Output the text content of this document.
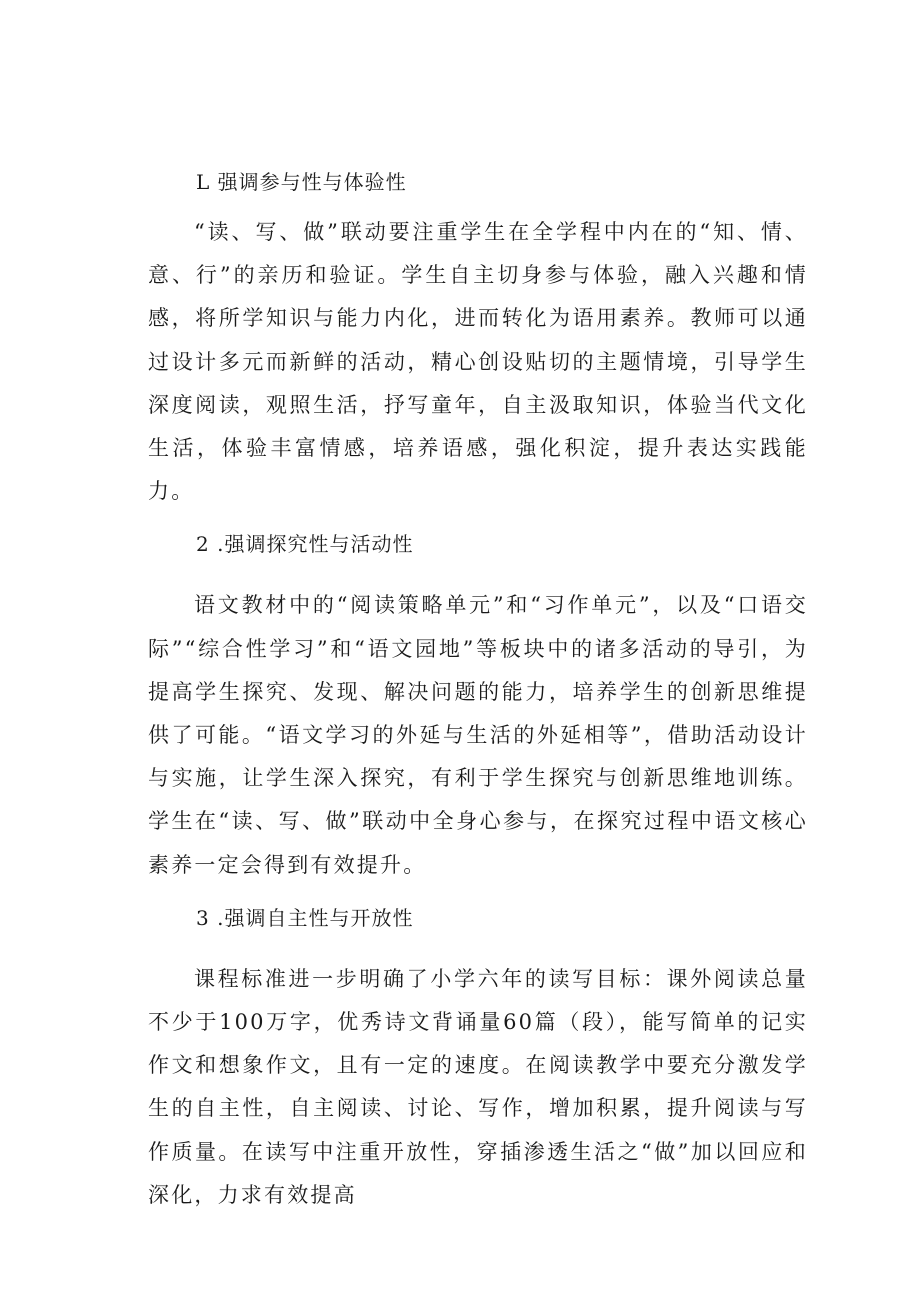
L 强调参与性与体验性

“读、写、做”联动要注重学生在全学程中内在的“知、情、意、行”的亲历和验证。学生自主切身参与体验，融入兴趣和情感，将所学知识与能力内化，进而转化为语用素养。教师可以通过设计多元而新鲜的活动，精心创设贴切的主题情境，引导学生深度阅读，观照生活，抒写童年，自主汲取知识，体验当代文化生活，体验丰富情感，培养语感，强化积淀，提升表达实践能力。

2 .强调探究性与活动性

语文教材中的“阅读策略单元”和“习作单元”，以及“口语交际”“综合性学习”和“语文园地”等板块中的诸多活动的导引，为提高学生探究、发现、解决问题的能力，培养学生的创新思维提供了可能。“语文学习的外延与生活的外延相等”，借助活动设计与实施，让学生深入探究，有利于学生探究与创新思维地训练。学生在“读、写、做”联动中全身心参与，在探究过程中语文核心素养一定会得到有效提升。

3 .强调自主性与开放性

课程标准进一步明确了小学六年的读写目标：课外阅读总量不少于100万字，优秀诗文背诵量60篇（段），能写简单的记实作文和想象作文，且有一定的速度。在阅读教学中要充分激发学生的自主性，自主阅读、讨论、写作，增加积累，提升阅读与写作质量。在读写中注重开放性，穿插渗透生活之“做”加以回应和深化，力求有效提高
